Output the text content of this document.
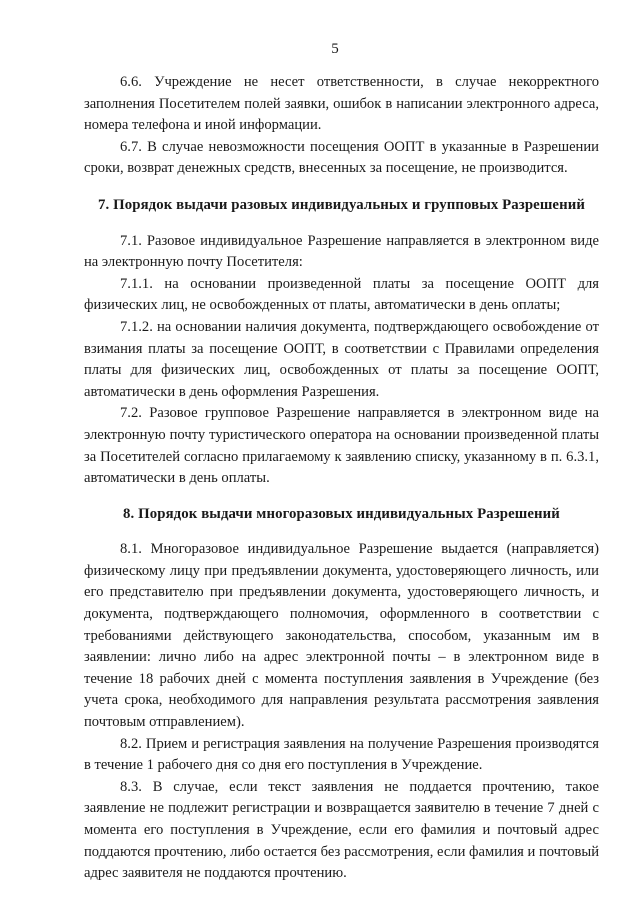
5

6.6. Учреждение не несет ответственности, в случае некорректного заполнения Посетителем полей заявки, ошибок в написании электронного адреса, номера телефона и иной информации.

6.7. В случае невозможности посещения ООПТ в указанные в Разрешении сроки, возврат денежных средств, внесенных за посещение, не производится.

7. Порядок выдачи разовых индивидуальных и групповых Разрешений

7.1. Разовое индивидуальное Разрешение направляется в электронном виде на электронную почту Посетителя:

7.1.1. на основании произведенной платы за посещение ООПТ для физических лиц, не освобожденных от платы, автоматически в день оплаты;

7.1.2. на основании наличия документа, подтверждающего освобождение от взимания платы за посещение ООПТ, в соответствии с Правилами определения платы для физических лиц, освобожденных от платы за посещение ООПТ, автоматически в день оформления Разрешения.

7.2. Разовое групповое Разрешение направляется в электронном виде на электронную почту туристического оператора на основании произведенной платы за Посетителей согласно прилагаемому к заявлению списку, указанному в п. 6.3.1, автоматически в день оплаты.

8. Порядок выдачи многоразовых индивидуальных Разрешений

8.1. Многоразовое индивидуальное Разрешение выдается (направляется) физическому лицу при предъявлении документа, удостоверяющего личность, или его представителю при предъявлении документа, удостоверяющего личность, и документа, подтверждающего полномочия, оформленного в соответствии с требованиями действующего законодательства, способом, указанным им в заявлении: лично либо на адрес электронной почты – в электронном виде в течение 18 рабочих дней с момента поступления заявления в Учреждение (без учета срока, необходимого для направления результата рассмотрения заявления почтовым отправлением).

8.2. Прием и регистрация заявления на получение Разрешения производятся в течение 1 рабочего дня со дня его поступления в Учреждение.

8.3. В случае, если текст заявления не поддается прочтению, такое заявление не подлежит регистрации и возвращается заявителю в течение 7 дней с момента его поступления в Учреждение, если его фамилия и почтовый адрес поддаются прочтению, либо остается без рассмотрения, если фамилия и почтовый адрес заявителя не поддаются прочтению.
